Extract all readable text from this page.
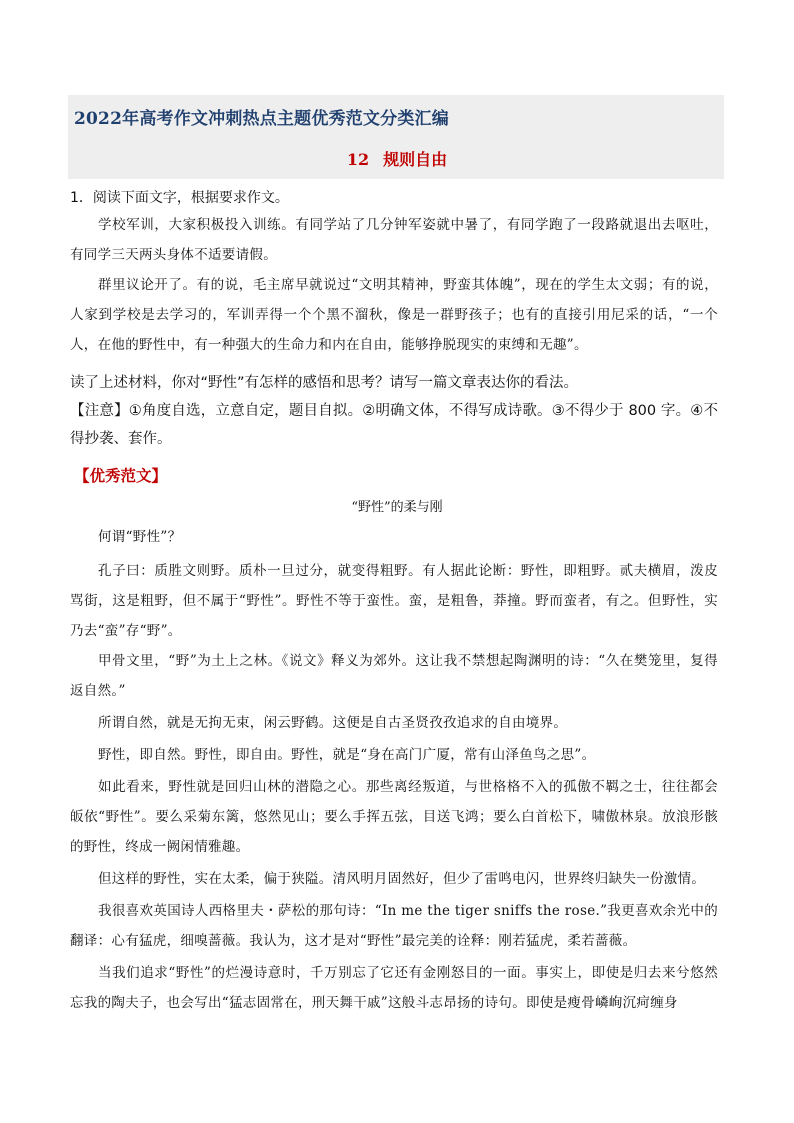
2022年高考作文冲刺热点主题优秀范文分类汇编
12 规则自由
1．阅读下面文字，根据要求作文。
学校军训，大家积极投入训练。有同学站了几分钟军姿就中暑了，有同学跑了一段路就退出去呕吐，有同学三天两头身体不适要请假。
群里议论开了。有的说，毛主席早就说过“文明其精神，野蛮其体魄”，现在的学生太文弱；有的说，人家到学校是去学习的，军训弄得一个个黑不溜秋，像是一群野孩子；也有的直接引用尼采的话，“一个人，在他的野性中，有一种强大的生命力和内在自由，能够挣脱现实的束缚和无趣”。
读了上述材料，你对“野性”有怎样的感悟和思考？请写一篇文章表达你的看法。
【注意】①角度自选，立意自定，题目自拟。②明确文体，不得写成诗歌。③不得少于 800 字。④不得抄袭、套作。
【优秀范文】
“野性”的柔与刚
何谓“野性”？
孔子曰：质胜文则野。质朴一旦过分，就变得粗野。有人据此论断：野性，即粗野。贰夫横眉，泼皮骂街，这是粗野，但不属于“野性”。野性不等于蛮性。蛮，是粗鲁，莽撞。野而蛮者，有之。但野性，实乃去“蛮”存“野”。
甲骨文里，“野”为土上之林。《说文》释义为郊外。这让我不禁想起陶渊明的诗：“久在樊笼里，复得返自然。”
所谓自然，就是无拘无束，闲云野鹤。这便是自古圣贤孜孜追求的自由境界。
野性，即自然。野性，即自由。野性，就是“身在高门广厦，常有山泽鱼鸟之思”。
如此看来，野性就是回归山林的潜隐之心。那些离经叛道，与世格格不入的孤傲不羁之士，往往都会皈依“野性”。要么采菊东篱，悠然见山；要么手挥五弦，目送飞鸿；要么白首松下，啸傲林泉。放浪形骸的野性，终成一阙闲情雅趣。
但这样的野性，实在太柔，偏于狭隘。清风明月固然好，但少了雷鸣电闪，世界终归缺失一份激情。
我很喜欢英国诗人西格里夫・萨松的那句诗：“In me the tiger sniffs the rose.”我更喜欢余光中的翻译：心有猛虎，细嗅蔷薇。我认为，这才是对“野性”最完美的诠释：刚若猛虎，柔若蔷薇。
当我们追求“野性”的烂漫诗意时，千万别忘了它还有金刚怒目的一面。事实上，即使是归去来兮悠然忘我的陶夫子，也会写出“猛志固常在，刑天舞干戚”这般斗志昂扬的诗句。即使是瘦骨嶙峋沉疴缠身
